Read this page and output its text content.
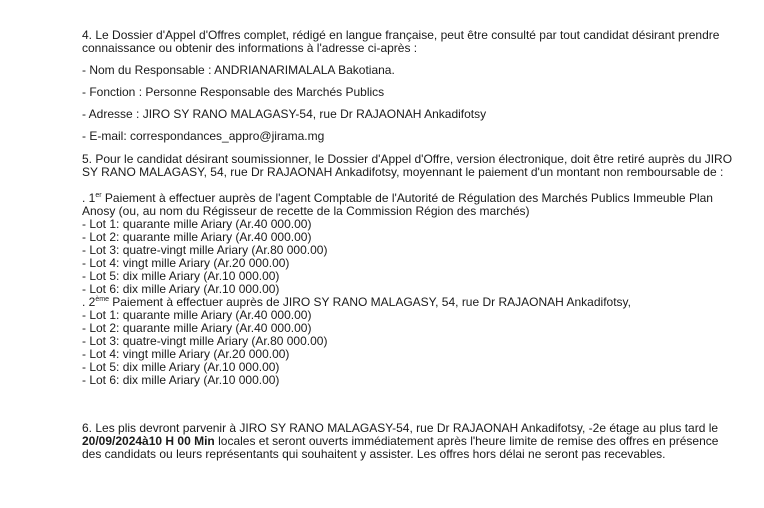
4. Le Dossier d'Appel d'Offres complet, rédigé en langue française, peut être consulté par tout candidat désirant prendre
connaissance ou obtenir des informations à l'adresse ci-après :
- Nom du Responsable : ANDRIANARIMALALA Bakotiana.
- Fonction : Personne Responsable des Marchés Publics
- Adresse : JIRO SY RANO MALAGASY-54, rue Dr RAJAONAH Ankadifotsy
- E-mail: correspondances_appro@jirama.mg
5. Pour le candidat désirant soumissionner, le Dossier d'Appel d'Offre, version électronique, doit être retiré auprès du JIRO
SY RANO MALAGASY, 54, rue Dr RAJAONAH Ankadifotsy, moyennant le paiement d'un montant non remboursable de :
. 1er Paiement à effectuer auprès de l'agent Comptable de l'Autorité de Régulation des Marchés Publics Immeuble Plan
Anosy (ou, au nom du Régisseur de recette de la Commission Région des marchés)
- Lot 1: quarante mille Ariary (Ar.40 000.00)
- Lot 2: quarante mille Ariary (Ar.40 000.00)
- Lot 3: quatre-vingt mille Ariary (Ar.80 000.00)
- Lot 4: vingt mille Ariary (Ar.20 000.00)
- Lot 5: dix mille Ariary (Ar.10 000.00)
- Lot 6: dix mille Ariary (Ar.10 000.00)
. 2ème Paiement à effectuer auprès de JIRO SY RANO MALAGASY, 54, rue Dr RAJAONAH Ankadifotsy,
- Lot 1: quarante mille Ariary (Ar.40 000.00)
- Lot 2: quarante mille Ariary (Ar.40 000.00)
- Lot 3: quatre-vingt mille Ariary (Ar.80 000.00)
- Lot 4: vingt mille Ariary (Ar.20 000.00)
- Lot 5: dix mille Ariary (Ar.10 000.00)
- Lot 6: dix mille Ariary (Ar.10 000.00)
6. Les plis devront parvenir à JIRO SY RANO MALAGASY-54, rue Dr RAJAONAH Ankadifotsy, -2e étage au plus tard le
20/09/2024à10 H 00 Min locales et seront ouverts immédiatement après l'heure limite de remise des offres en présence
des candidats ou leurs représentants qui souhaitent y assister. Les offres hors délai ne seront pas recevables.
